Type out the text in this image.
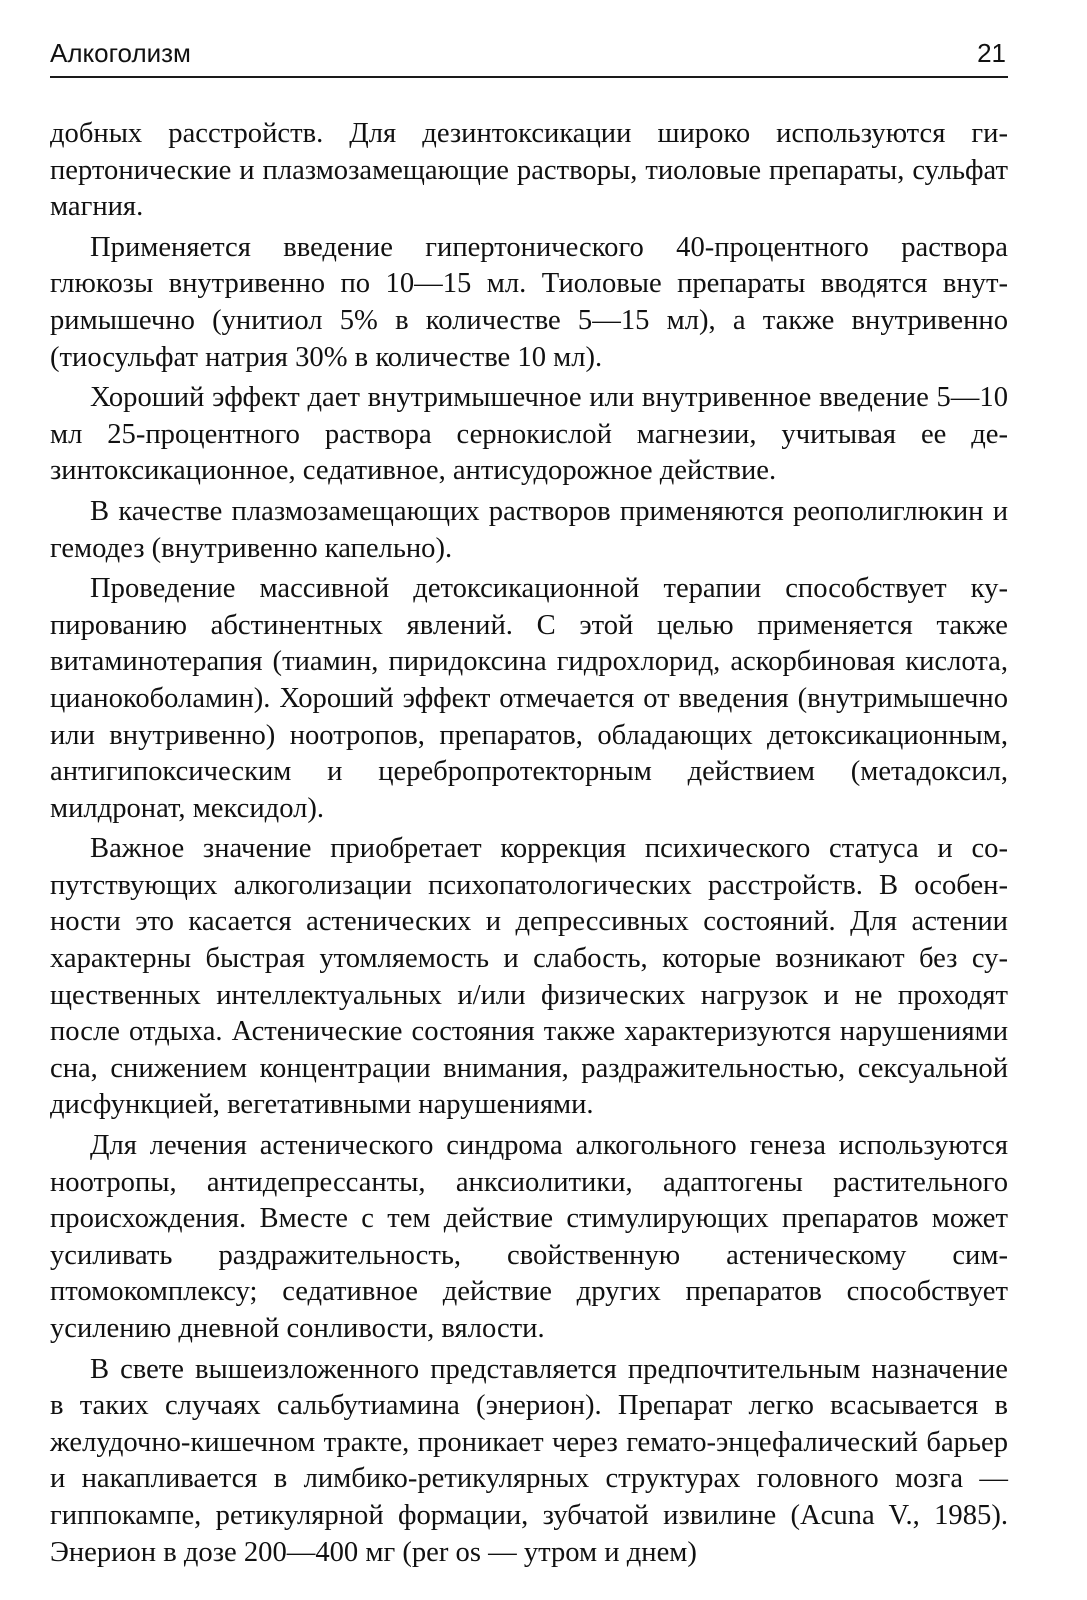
Алкоголизм	21

добных расстройств. Для дезинтоксикации широко используются гипертонические и плазмозамещающие растворы, тиоловые препараты, сульфат магния.

Применяется введение гипертонического 40-процентного раствора глюкозы внутривенно по 10—15 мл. Тиоловые препараты вводятся внутримышечно (унитиол 5% в количестве 5—15 мл), а также внутривенно (тиосульфат натрия 30% в количестве 10 мл).

Хороший эффект дает внутримышечное или внутривенное введение 5—10 мл 25-процентного раствора сернокислой магнезии, учитывая ее дезинтоксикационное, седативное, антисудорожное действие.

В качестве плазмозамещающих растворов применяются реополиглюкин и гемодез (внутривенно капельно).

Проведение массивной детоксикационной терапии способствует купированию абстинентных явлений. С этой целью применяется также витаминотерапия (тиамин, пиридоксина гидрохлорид, аскорбиновая кислота, цианокоболамин). Хороший эффект отмечается от введения (внутримышечно или внутривенно) ноотропов, препаратов, обладающих детоксикационным, антигипоксическим и церебропротекторным действием (метадоксил, милдронат, мексидол).

Важное значение приобретает коррекция психического статуса и сопутствующих алкоголизации психопатологических расстройств. В особенности это касается астенических и депрессивных состояний. Для астении характерны быстрая утомляемость и слабость, которые возникают без существенных интеллектуальных и/или физических нагрузок и не проходят после отдыха. Астенические состояния также характеризуются нарушениями сна, снижением концентрации внимания, раздражительностью, сексуальной дисфункцией, вегетативными нарушениями.

Для лечения астенического синдрома алкогольного генеза используются ноотропы, антидепрессанты, анксиолитики, адаптогены растительного происхождения. Вместе с тем действие стимулирующих препаратов может усиливать раздражительность, свойственную астеническому симптомокомплексу; седативное действие других препаратов способствует усилению дневной сонливости, вялости.

В свете вышеизложенного представляется предпочтительным назначение в таких случаях сальбутиамина (энерион). Препарат легко всасывается в желудочно-кишечном тракте, проникает через гемато-энцефалический барьер и накапливается в лимбико-ретикулярных структурах головного мозга — гиппокампе, ретикулярной формации, зубчатой извилине (Acuna V., 1985). Энерион в дозе 200—400 мг (per os — утром и днем)
